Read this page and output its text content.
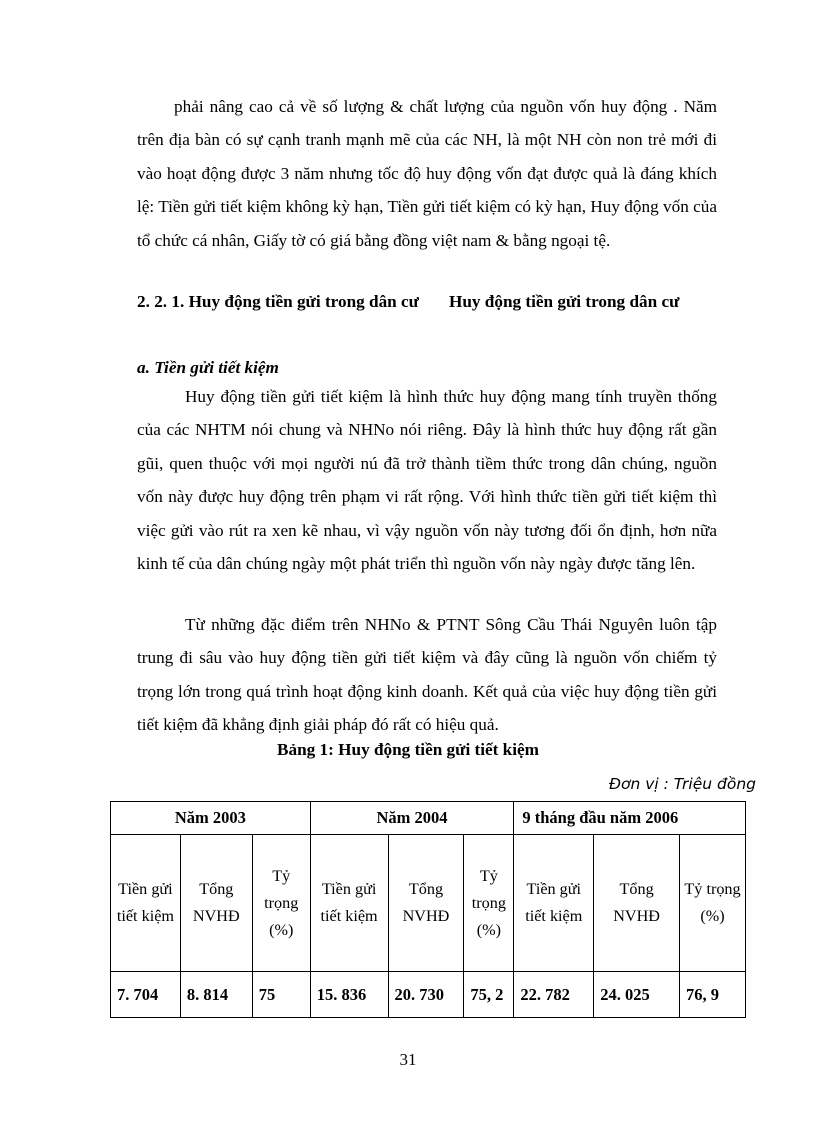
phải nâng cao cả về số lượng & chất lượng của nguồn vốn huy động . Năm trên địa bàn có sự cạnh tranh mạnh mẽ của các NH, là một NH còn non trẻ mới đi vào hoạt động được 3 năm nhưng tốc độ huy động vốn đạt được quả là đáng khích lệ: Tiền gửi tiết kiệm không kỳ hạn, Tiền gửi tiết kiệm có kỳ hạn, Huy động vốn của tổ chức cá nhân, Giấy tờ có giá bằng đồng việt nam & bằng ngoại tệ.
2. 2. 1. Huy động tiền gửi trong dân cư Huy động tiền gửi trong dân cư
a. Tiền gửi tiết kiệm
Huy động tiền gửi tiết kiệm là hình thức huy động mang tính truyền thống của các NHTM nói chung và NHNo nói riêng. Đây là hình thức huy động rất gần gũi, quen thuộc với mọi người nú đã trở thành tiềm thức trong dân chúng, nguồn vốn này được huy động trên phạm vi rất rộng. Với hình thức tiền gửi tiết kiệm thì việc gửi vào rút ra xen kẽ nhau, vì vậy nguồn vốn này tương đối ổn định, hơn nữa kinh tế của dân chúng ngày một phát triển thì nguồn vốn này ngày được tăng lên.
Từ những đặc điểm trên NHNo & PTNT Sông Cầu Thái Nguyên luôn tập trung đi sâu vào huy động tiền gửi tiết kiệm và đây cũng là nguồn vốn chiếm tỷ trọng lớn trong quá trình hoạt động kinh doanh. Kết quả của việc huy động tiền gửi tiết kiệm đã khẳng định giải pháp đó rất có hiệu quả.
Bảng 1: Huy động tiền gửi tiết kiệm
Đơn vị : Triệu đồng
Năm 2003			Năm 2004			9 tháng đầu năm 2006		
Tiền gửi tiết kiệm	Tổng NVHĐ	Tỷ trọng (%)	Tiền gửi tiết kiệm	Tổng NVHĐ	Tỷ trọng (%)	Tiền gửi tiết kiệm	Tổng NVHĐ	Tỷ trọng (%)
7. 704	8. 814	75	15. 836	20. 730	75, 2	22. 782	24. 025	76, 9
31
